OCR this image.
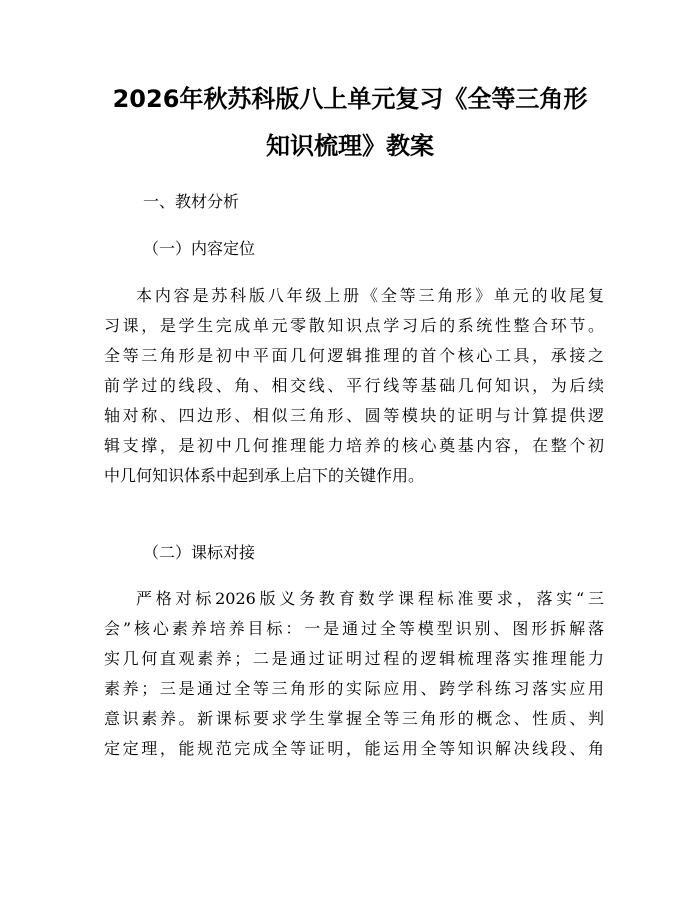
2026年秋苏科版八上单元复习《全等三角形
知识梳理》教案
一、教材分析
（一）内容定位
本内容是苏科版八年级上册《全等三角形》单元的收尾复
习课，是学生完成单元零散知识点学习后的系统性整合环节。
全等三角形是初中平面几何逻辑推理的首个核心工具，承接之
前学过的线段、角、相交线、平行线等基础几何知识，为后续
轴对称、四边形、相似三角形、圆等模块的证明与计算提供逻
辑支撑，是初中几何推理能力培养的核心奠基内容，在整个初
中几何知识体系中起到承上启下的关键作用。
（二）课标对接
严格对标2026版义务教育数学课程标准要求，落实“三
会”核心素养培养目标：一是通过全等模型识别、图形拆解落
实几何直观素养；二是通过证明过程的逻辑梳理落实推理能力
素养；三是通过全等三角形的实际应用、跨学科练习落实应用
意识素养。新课标要求学生掌握全等三角形的概念、性质、判
定定理，能规范完成全等证明，能运用全等知识解决线段、角
